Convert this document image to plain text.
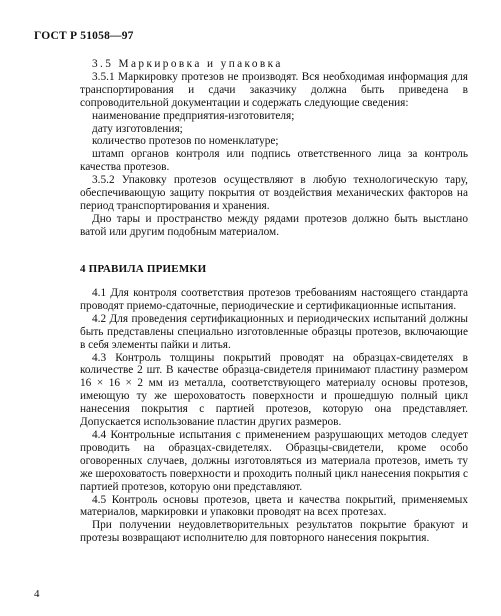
ГОСТ Р 51058—97

3.5 Маркировка и упаковка

3.5.1 Маркировку протезов не производят. Вся необходимая информация для транспортирования и сдачи заказчику должна быть приведена в сопроводительной документации и содержать следующие сведения:

наименование предприятия-изготовителя;

дату изготовления;

количество протезов по номенклатуре;

штамп органов контроля или подпись ответственного лица за контроль качества протезов.

3.5.2 Упаковку протезов осуществляют в любую технологическую тару, обеспечивающую защиту покрытия от воздействия механических факторов на период транспортирования и хранения.

Дно тары и пространство между рядами протезов должно быть выстлано ватой или другим подобным материалом.

4 ПРАВИЛА ПРИЕМКИ

4.1 Для контроля соответствия протезов требованиям настоящего стандарта проводят приемо-сдаточные, периодические и сертификационные испытания.

4.2 Для проведения сертификационных и периодических испытаний должны быть представлены специально изготовленные образцы протезов, включающие в себя элементы пайки и литья.

4.3 Контроль толщины покрытий проводят на образцах-свидетелях в количестве 2 шт. В качестве образца-свидетеля принимают пластину размером 16 × 16 × 2 мм из металла, соответствующего материалу основы протезов, имеющую ту же шероховатость поверхности и прошедшую полный цикл нанесения покрытия с партией протезов, которую она представляет. Допускается использование пластин других размеров.

4.4 Контрольные испытания с применением разрушающих методов следует проводить на образцах-свидетелях. Образцы-свидетели, кроме особо оговоренных случаев, должны изготовляться из материала протезов, иметь ту же шероховатость поверхности и проходить полный цикл нанесения покрытия с партией протезов, которую они представляют.

4.5 Контроль основы протезов, цвета и качества покрытий, применяемых материалов, маркировки и упаковки проводят на всех протезах.

При получении неудовлетворительных результатов покрытие бракуют и протезы возвращают исполнителю для повторного нанесения покрытия.

4
